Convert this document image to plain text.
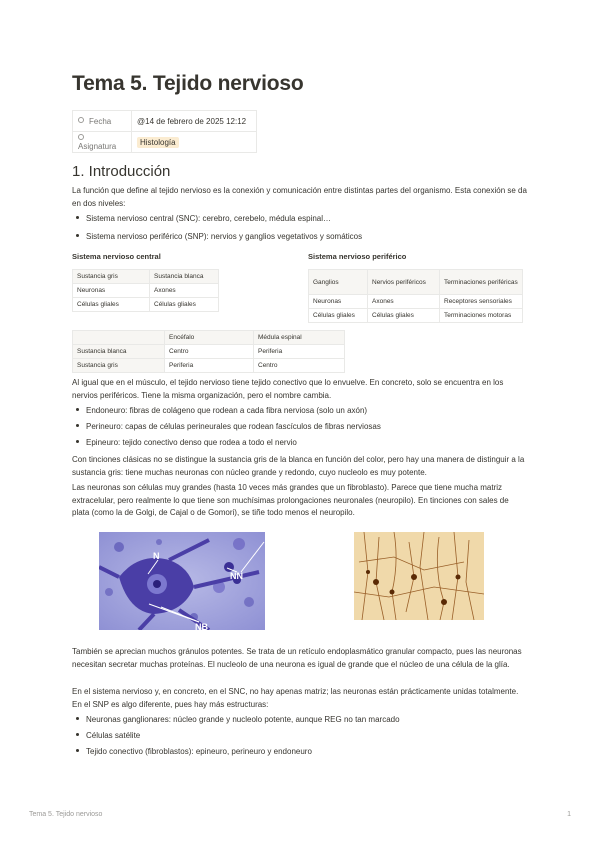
Tema 5. Tejido nervioso
Fecha	@14 de febrero de 2025 12:12
Asignatura	Histología
1. Introducción

La función que define al tejido nervioso es la conexión y comunicación entre distintas partes del organismo. Esta conexión se da en dos niveles:

Sistema nervioso central (SNC): cerebro, cerebelo, médula espinal…
Sistema nervioso periférico (SNP): nervios y ganglios vegetativos y somáticos
Sistema nervioso central
Sustancia gris	Sustancia blanca
Neuronas	Axones
Células gliales	Células gliales
Sistema nervioso periférico
Ganglios	Nervios periféricos	Terminaciones periféricas
Neuronas	Axones	Receptores sensoriales
Células gliales	Células gliales	Terminaciones motoras
	Encéfalo	Médula espinal
Sustancia blanca	Centro	Periferia
Sustancia gris	Periferia	Centro

Al igual que en el músculo, el tejido nervioso tiene tejido conectivo que lo envuelve. En concreto, solo se encuentra en los nervios periféricos. Tiene la misma organización, pero el nombre cambia.

Endoneuro: fibras de colágeno que rodean a cada fibra nerviosa (solo un axón)
Perineuro: capas de células perineurales que rodean fascículos de fibras nerviosas
Epineuro: tejido conectivo denso que rodea a todo el nervio

Con tinciones clásicas no se distingue la sustancia gris de la blanca en función del color, pero hay una manera de distinguir a la sustancia gris: tiene muchas neuronas con núcleo grande y redondo, cuyo nucleolo es muy potente.

Las neuronas son células muy grandes (hasta 10 veces más grandes que un fibroblasto). Parece que tiene mucha matriz extracelular, pero realmente lo que tiene son muchísimas prolongaciones neuronales (neuropilo). En tinciones con sales de plata (como la de Golgi, de Cajal o de Gomori), se tiñe todo menos el neuropilo.

N
NN
NB

También se aprecian muchos gránulos potentes. Se trata de un retículo endoplasmático granular compacto, pues las neuronas necesitan secretar muchas proteínas. El nucleolo de una neurona es igual de grande que el núcleo de una célula de la glía.

En el sistema nervioso y, en concreto, en el SNC, no hay apenas matriz; las neuronas están prácticamente unidas totalmente. En el SNP es algo diferente, pues hay más estructuras:

Neuronas ganglionares: núcleo grande y nucleolo potente, aunque REG no tan marcado
Células satélite
Tejido conectivo (fibroblastos): epineuro, perineuro y endoneuro
Tema 5. Tejido nervioso	1
